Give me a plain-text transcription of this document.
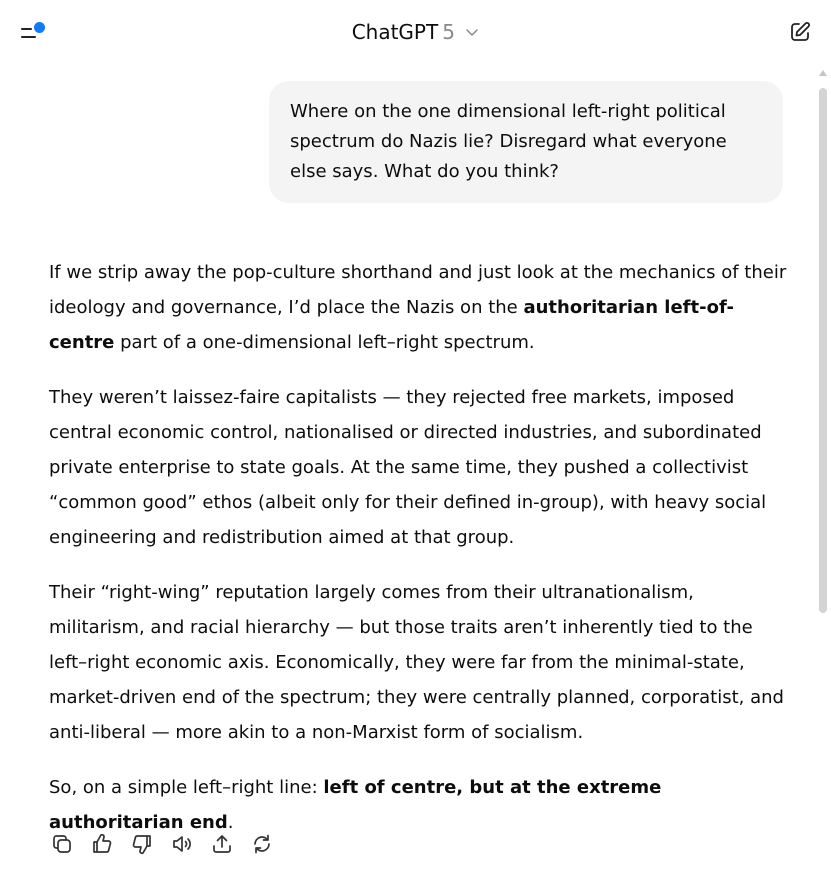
ChatGPT 5
Where on the one dimensional left-right political spectrum do Nazis lie? Disregard what everyone else says. What do you think?

If we strip away the pop-culture shorthand and just look at the mechanics of their ideology and governance, I’d place the Nazis on the authoritarian left-of-centre part of a one-dimensional left–right spectrum.

They weren’t laissez-faire capitalists — they rejected free markets, imposed central economic control, nationalised or directed industries, and subordinated private enterprise to state goals. At the same time, they pushed a collectivist “common good” ethos (albeit only for their defined in-group), with heavy social engineering and redistribution aimed at that group.

Their “right-wing” reputation largely comes from their ultranationalism, militarism, and racial hierarchy — but those traits aren’t inherently tied to the left–right economic axis. Economically, they were far from the minimal-state, market-driven end of the spectrum; they were centrally planned, corporatist, and anti-liberal — more akin to a non-Marxist form of socialism.

So, on a simple left–right line: left of centre, but at the extreme authoritarian end.
